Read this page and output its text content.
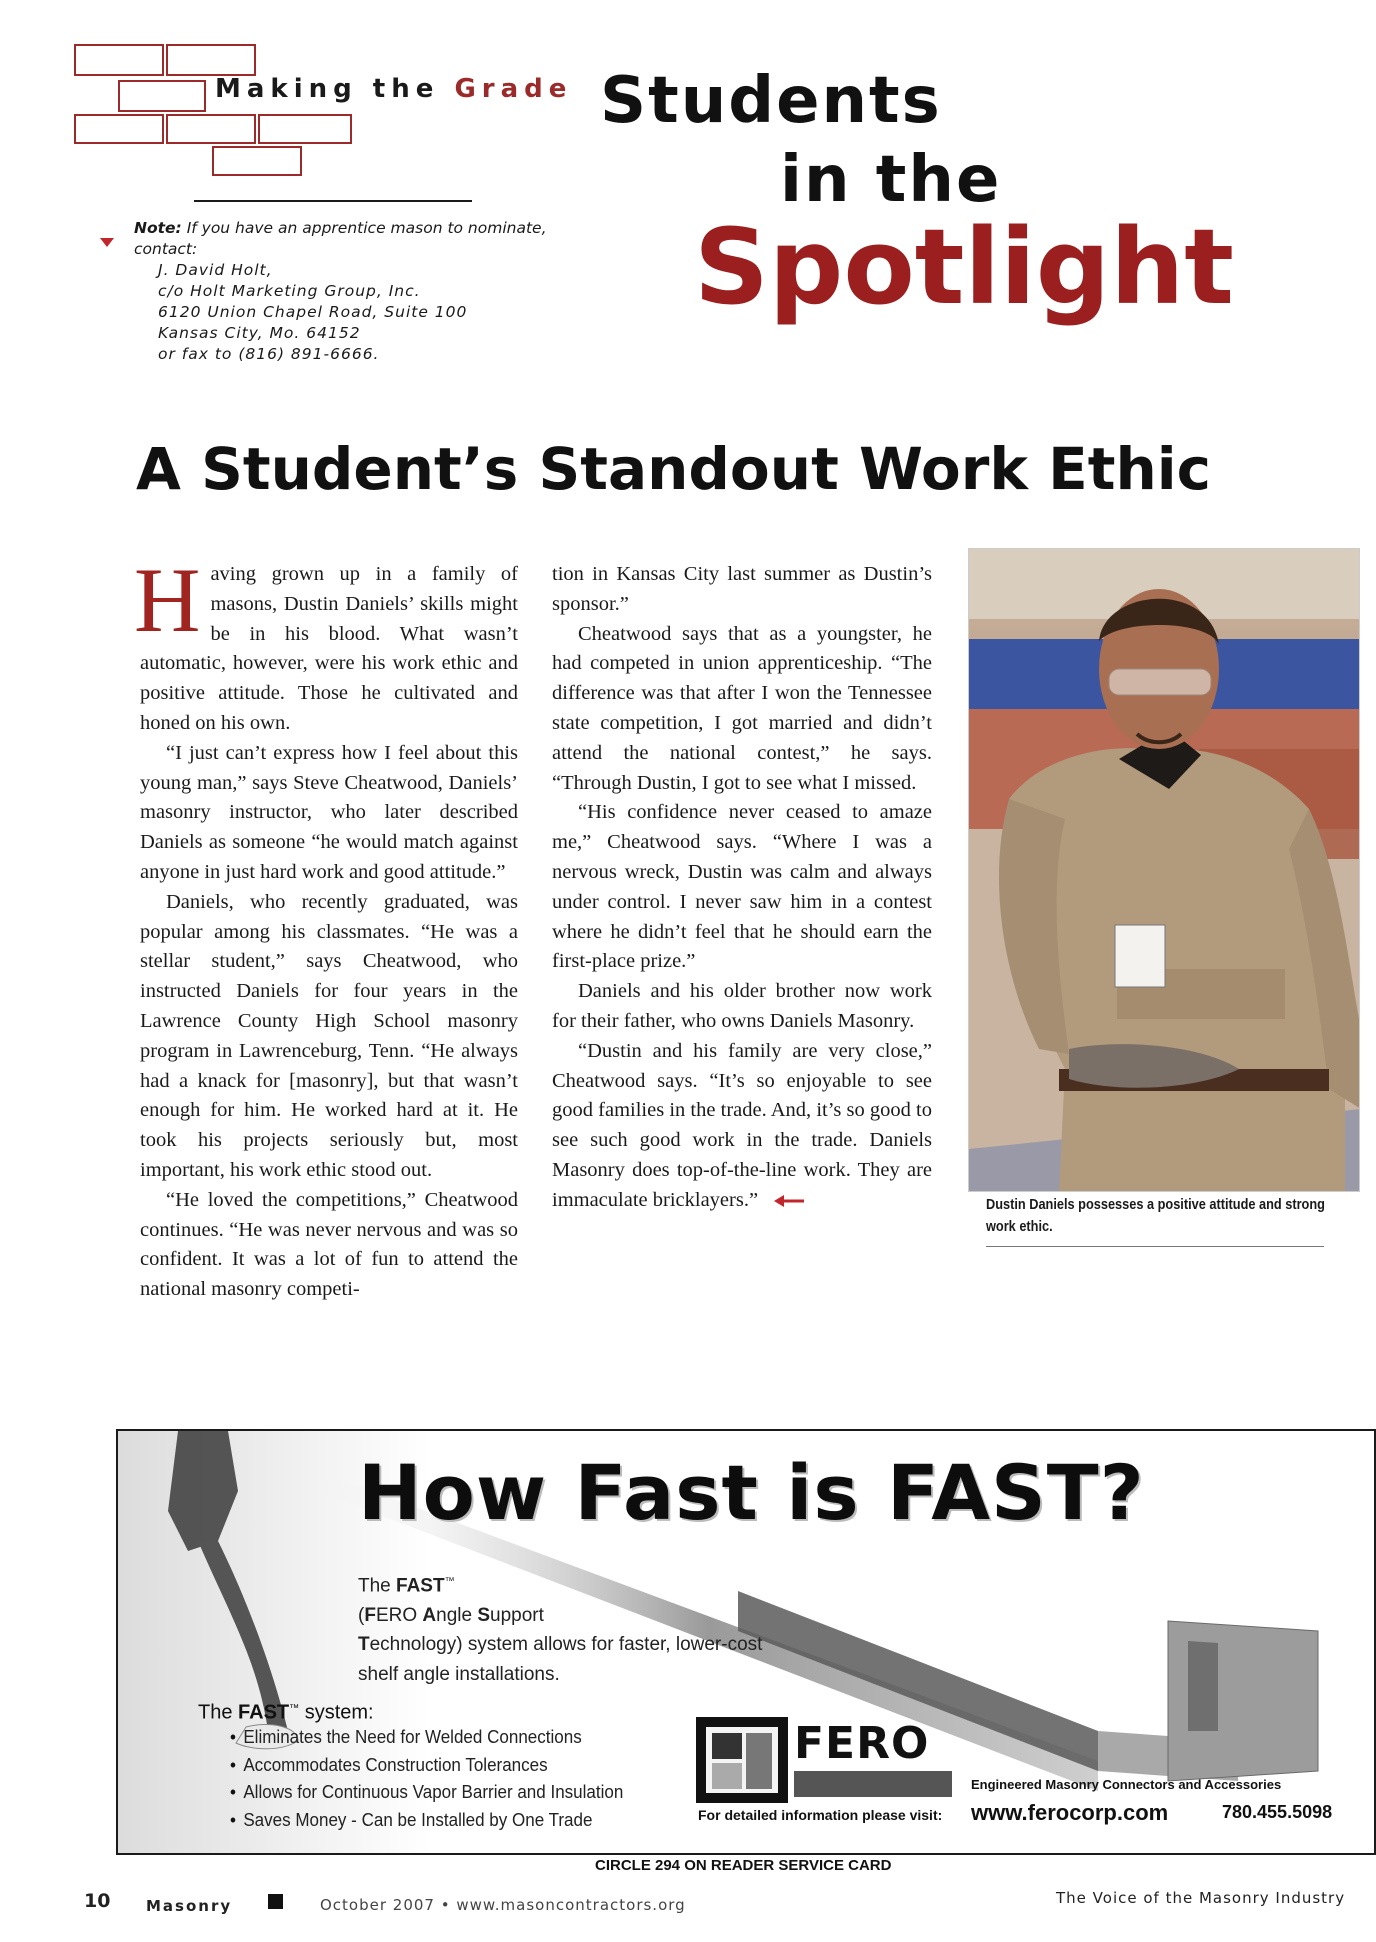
Making the Grade Students
in the
Spotlight
Note: If you have an apprentice mason to nominate, contact:
J. David Holt,
c/o Holt Marketing Group, Inc.
6120 Union Chapel Road, Suite 100
Kansas City, Mo. 64152
or fax to (816) 891-6666.
A Student’s Standout Work Ethic

Having grown up in a family of masons, Dustin Daniels’ skills might be in his blood. What wasn’t automatic, however, were his work ethic and positive attitude. Those he cultivated and honed on his own.

“I just can’t express how I feel about this young man,” says Steve Cheatwood, Daniels’ masonry instructor, who later described Daniels as someone “he would match against anyone in just hard work and good attitude.”

Daniels, who recently graduated, was popular among his classmates. “He was a stellar student,” says Cheatwood, who instructed Daniels for four years in the Lawrence County High School masonry program in Lawrenceburg, Tenn. “He always had a knack for [masonry], but that wasn’t enough for him. He worked hard at it. He took his projects seriously but, most important, his work ethic stood out.

“He loved the competitions,” Cheatwood continues. “He was never nervous and was so confident. It was a lot of fun to attend the national masonry competi-

tion in Kansas City last summer as Dustin’s sponsor.”

Cheatwood says that as a youngster, he had competed in union apprenticeship. “The difference was that after I won the Tennessee state competition, I got married and didn’t attend the national contest,” he says. “Through Dustin, I got to see what I missed.

“His confidence never ceased to amaze me,” Cheatwood says. “Where I was a nervous wreck, Dustin was calm and always under control. I never saw him in a contest where he didn’t feel that he should earn the first-place prize.”

Daniels and his older brother now work for their father, who owns Daniels Masonry.

“Dustin and his family are very close,” Cheatwood says. “It’s so enjoyable to see good families in the trade. And, it’s so good to see such good work in the trade. Daniels Masonry does top-of-the-line work. They are immaculate bricklayers.”	Dustin Daniels possesses a positive attitude and strong work ethic.
How Fast is FAST?
The FAST™
(FERO Angle Support
Technology) system allows for faster, lower-cost shelf angle installations.
The FAST™ system:
• Eliminates the Need for Welded Connections
• Accommodates Construction Tolerances
• Allows for Continuous Vapor Barrier and Insulation
• Saves Money - Can be Installed by One Trade
FERO
Engineered Masonry Connectors and Accessories
For detailed information please visit: www.ferocorp.com	780.455.5098
CIRCLE 294 ON READER SERVICE CARD
10 Masonry	October 2007 • www.masoncontractors.org	The Voice of the Masonry Industry
